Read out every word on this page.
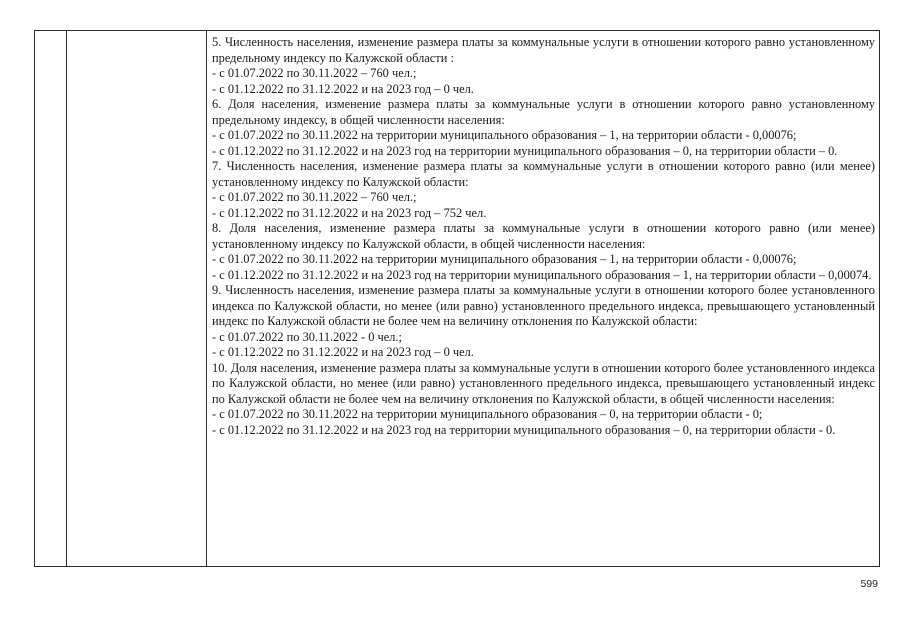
5. Численность населения, изменение размера платы за коммунальные услуги в отношении которого равно установленному предельному индексу по Калужской области :

- с 01.07.2022 по 30.11.2022 – 760 чел.;

- с 01.12.2022 по 31.12.2022 и на 2023 год – 0 чел.

6. Доля населения, изменение размера платы за коммунальные услуги в отношении которого равно установленному предельному индексу, в общей численности населения:

- с 01.07.2022 по 30.11.2022 на территории муниципального образования – 1, на территории области - 0,00076;

- с 01.12.2022 по 31.12.2022 и на 2023 год на территории муниципального образования – 0, на территории области – 0.

7. Численность населения, изменение размера платы за коммунальные услуги в отношении которого равно (или менее) установленному индексу по Калужской области:

- с 01.07.2022 по 30.11.2022 – 760 чел.;

- с 01.12.2022 по 31.12.2022 и на 2023 год – 752 чел.

8. Доля населения, изменение размера платы за коммунальные услуги в отношении которого равно (или менее) установленному индексу по Калужской области, в общей численности населения:

- с 01.07.2022 по 30.11.2022 на территории муниципального образования – 1, на территории области - 0,00076;

- с 01.12.2022 по 31.12.2022 и на 2023 год на территории муниципального образования – 1, на территории области – 0,00074.

9. Численность населения, изменение размера платы за коммунальные услуги в отношении которого более установленного индекса по Калужской области, но менее (или равно) установленного предельного индекса, превышающего установленный индекс по Калужской области не более чем на величину отклонения по Калужской области:

- с 01.07.2022 по 30.11.2022 - 0 чел.;

- с 01.12.2022 по 31.12.2022 и на 2023 год – 0 чел.

10. Доля населения, изменение размера платы за коммунальные услуги в отношении которого более установленного индекса по Калужской области, но менее (или равно) установленного предельного индекса, превышающего установленный индекс по Калужской области не более чем на величину отклонения по Калужской области, в общей численности населения:

- с 01.07.2022 по 30.11.2022 на территории муниципального образования – 0, на территории области - 0;

- с 01.12.2022 по 31.12.2022 и на 2023 год на территории муниципального образования – 0, на территории области - 0.

599
